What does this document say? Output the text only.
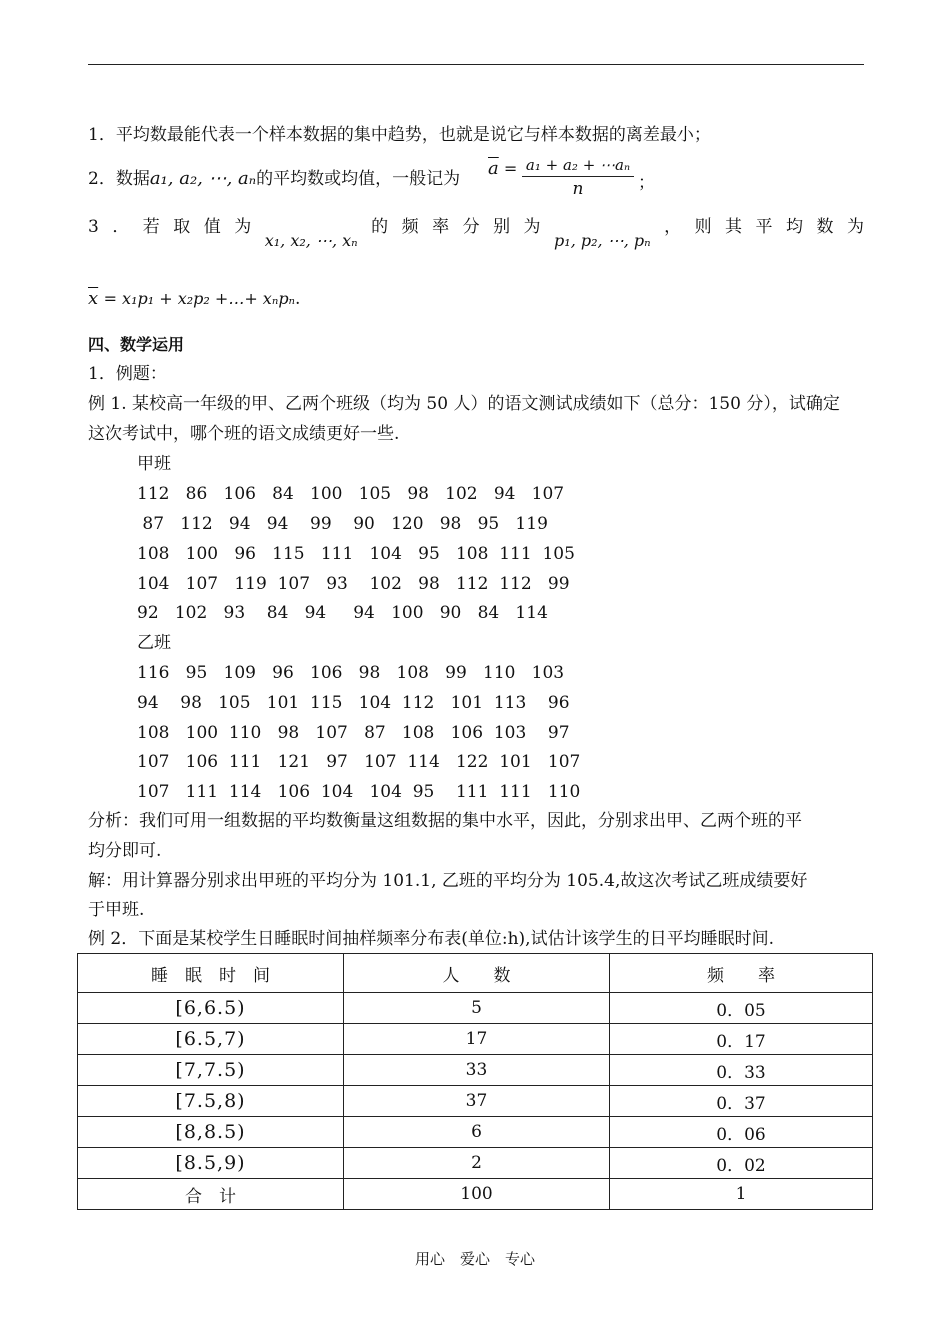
1．平均数最能代表一个样本数据的集中趋势，也就是说它与样本数据的离差最小；
2．数据a₁, a₂, ⋯, aₙ的平均数或均值，一般记为	$\overline{a} = \frac{\text{a₁ + a₂ + ⋯aₙ}}{n}$ ；
3 ． 若 取 值 为
x₁, x₂, ⋯, xₙ
的 频 率 分 别 为
p₁, p₂, ⋯, pₙ
， 则 其 平 均 数 为
$\overline{x} = x_1p_1 + x_2p_2$ +…+ xₙpₙ.
四、数学运用
1．例题：
例 1. 某校高一年级的甲、乙两个班级（均为 50 人）的语文测试成绩如下（总分：150 分），试确定
这次考试中，哪个班的语文成绩更好一些.
甲班
112   86   106   84   100   105   98   102   94   107
87   112   94   94    99    90   120   98   95   119
108   100   96   115   111   104   95   108  111  105
104   107   119  107   93    102   98   112  112   99
92   102   93    84   94     94   100   90   84   114
乙班
116   95   109   96   106   98   108   99   110   103
94    98   105   101  115   104  112   101  113    96
108   100  110   98   107   87   108   106  103    97
107   106  111   121   97   107  114   122  101   107
107   111  114   106  104   104  95    111  111   110
分析：我们可用一组数据的平均数衡量这组数据的集中水平，因此，分别求出甲、乙两个班的平
均分即可.
解：用计算器分别求出甲班的平均分为 101.1, 乙班的平均分为 105.4,故这次考试乙班成绩要好
于甲班.
例 2．下面是某校学生日睡眠时间抽样频率分布表(单位:h),试估计该学生的日平均睡眠时间.
睡　眠　时　间	人　　数	频　　率
[6,6.5)	5	0．05
[6.5,7)	17	0．17
[7,7.5)	33	0．33
[7.5,8)	37	0．37
[8,8.5)	6	0．06
[8.5,9)	2	0．02
合　计	100	1
用心　爱心　专心
